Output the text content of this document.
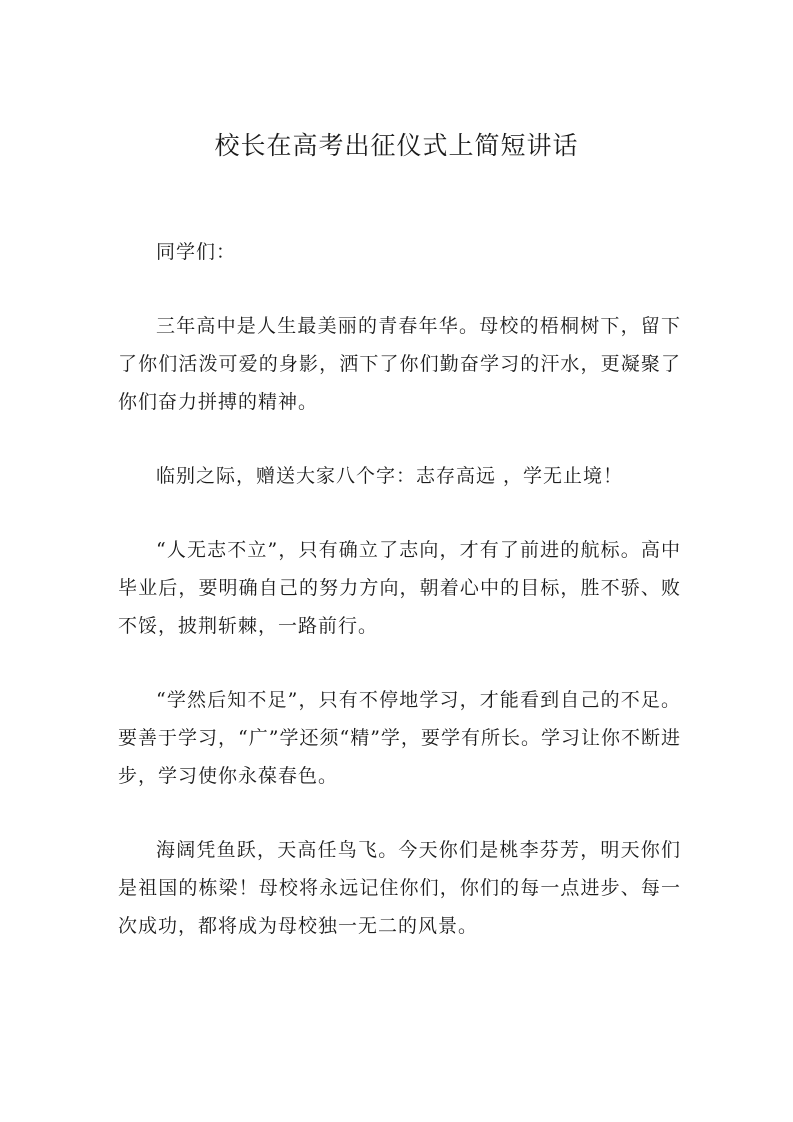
校长在高考出征仪式上简短讲话

同学们：

三年高中是人生最美丽的青春年华。母校的梧桐树下，留下了你们活泼可爱的身影，洒下了你们勤奋学习的汗水，更凝聚了你们奋力拼搏的精神。

临别之际，赠送大家八个字：志存高远 ，学无止境！

“人无志不立”，只有确立了志向，才有了前进的航标。高中毕业后，要明确自己的努力方向，朝着心中的目标，胜不骄、败不馁，披荆斩棘，一路前行。

“学然后知不足”，只有不停地学习，才能看到自己的不足。要善于学习，“广”学还须“精”学，要学有所长。学习让你不断进步，学习使你永葆春色。

海阔凭鱼跃，天高任鸟飞。今天你们是桃李芬芳，明天你们是祖国的栋梁！母校将永远记住你们，你们的每一点进步、每一次成功，都将成为母校独一无二的风景。
